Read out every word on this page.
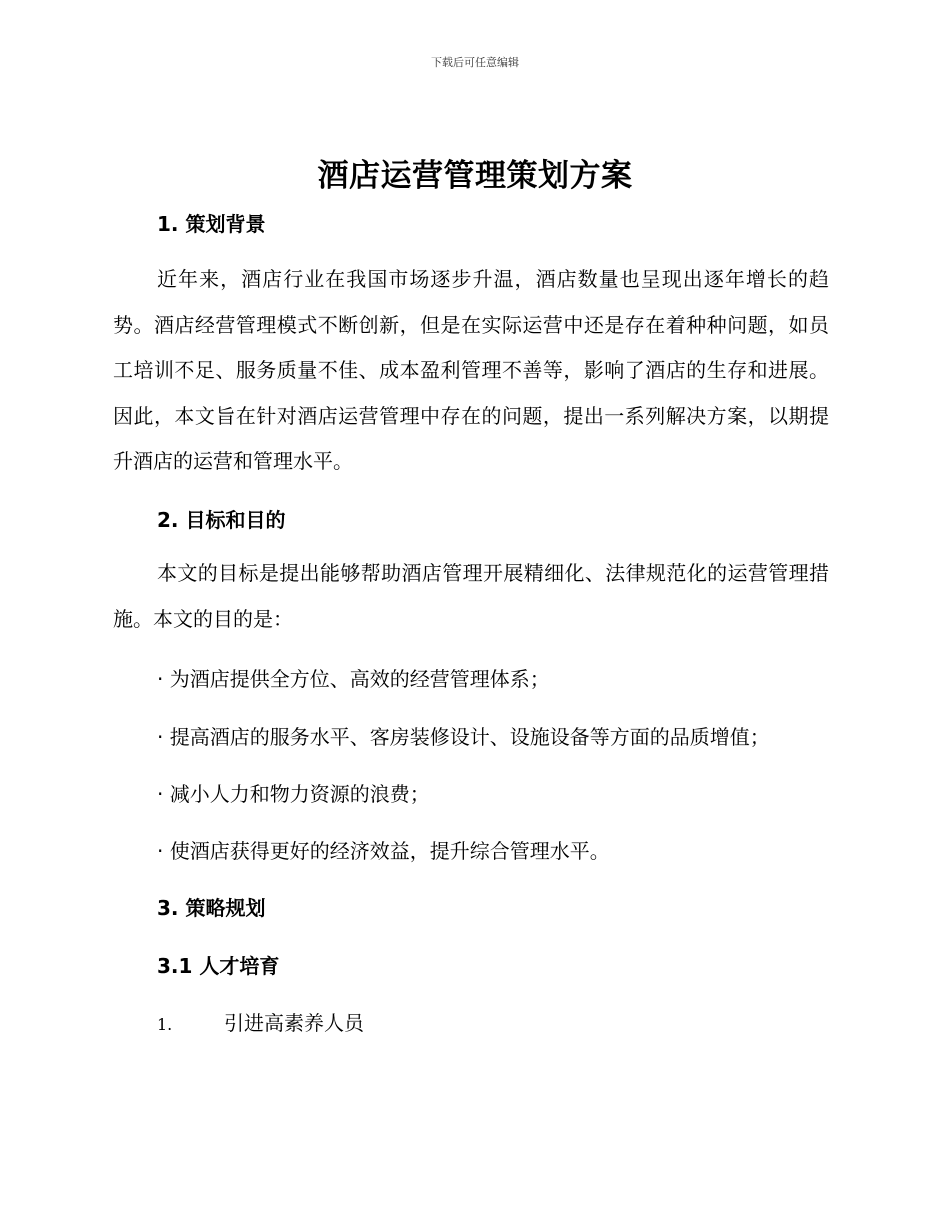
下载后可任意编辑
酒店运营管理策划方案
1. 策划背景

近年来，酒店行业在我国市场逐步升温，酒店数量也呈现出逐年增长的趋势。酒店经营管理模式不断创新，但是在实际运营中还是存在着种种问题，如员工培训不足、服务质量不佳、成本盈利管理不善等，影响了酒店的生存和进展。因此，本文旨在针对酒店运营管理中存在的问题，提出一系列解决方案，以期提升酒店的运营和管理水平。

2. 目标和目的

本文的目标是提出能够帮助酒店管理开展精细化、法律规范化的运营管理措施。本文的目的是：

· 为酒店提供全方位、高效的经营管理体系；

· 提高酒店的服务水平、客房装修设计、设施设备等方面的品质增值；

· 减小人力和物力资源的浪费；

· 使酒店获得更好的经济效益，提升综合管理水平。

3. 策略规划
3.1 人才培育

1.	引进高素养人员
